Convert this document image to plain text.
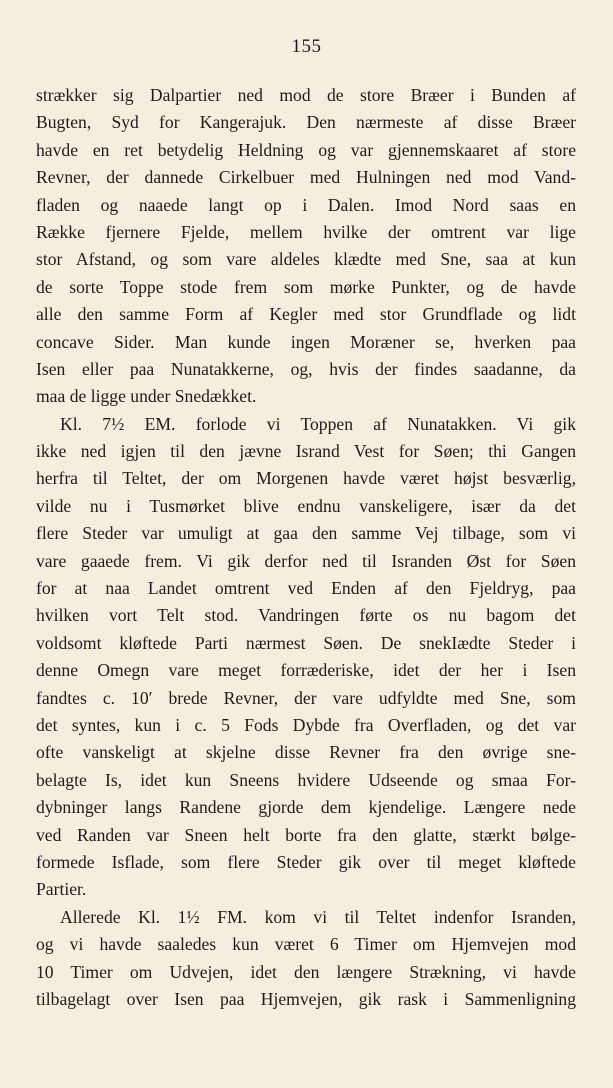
155
strækker sig Dalpartier ned mod de store Bræer i Bunden af
Bugten, Syd for Kangerajuk. Den nærmeste af disse Bræer
havde en ret betydelig Heldning og var gjennemskaaret af store
Revner, der dannede Cirkelbuer med Hulningen ned mod Vand-
fladen og naaede langt op i Dalen. Imod Nord saas en
Række fjernere Fjelde, mellem hvilke der omtrent var lige
stor Afstand, og som vare aldeles klædte med Sne, saa at kun
de sorte Toppe stode frem som mørke Punkter, og de havde
alle den samme Form af Kegler med stor Grundflade og lidt
concave Sider. Man kunde ingen Moræner se, hverken paa
Isen eller paa Nunatakkerne, og, hvis der findes saadanne, da
maa de ligge under Snedækket.
Kl. 7½ EM. forlode vi Toppen af Nunatakken. Vi gik
ikke ned igjen til den jævne Isrand Vest for Søen; thi Gangen
herfra til Teltet, der om Morgenen havde været højst besværlig,
vilde nu i Tusmørket blive endnu vanskeligere, især da det
flere Steder var umuligt at gaa den samme Vej tilbage, som vi
vare gaaede frem. Vi gik derfor ned til Isranden Øst for Søen
for at naa Landet omtrent ved Enden af den Fjeldryg, paa
hvilken vort Telt stod. Vandringen førte os nu bagom det
voldsomt kløftede Parti nærmest Søen. De snekIædte Steder i
denne Omegn vare meget forræderiske, idet der her i Isen
fandtes c. 10′ brede Revner, der vare udfyldte med Sne, som
det syntes, kun i c. 5 Fods Dybde fra Overfladen, og det var
ofte vanskeligt at skjelne disse Revner fra den øvrige sne-
belagte Is, idet kun Sneens hvidere Udseende og smaa For-
dybninger langs Randene gjorde dem kjendelige. Længere nede
ved Randen var Sneen helt borte fra den glatte, stærkt bølge-
formede Isflade, som flere Steder gik over til meget kløftede
Partier.
Allerede Kl. 1½ FM. kom vi til Teltet indenfor Isranden,
og vi havde saaledes kun været 6 Timer om Hjemvejen mod
10 Timer om Udvejen, idet den længere Strækning, vi havde
tilbagelagt over Isen paa Hjemvejen, gik rask i Sammenligning
